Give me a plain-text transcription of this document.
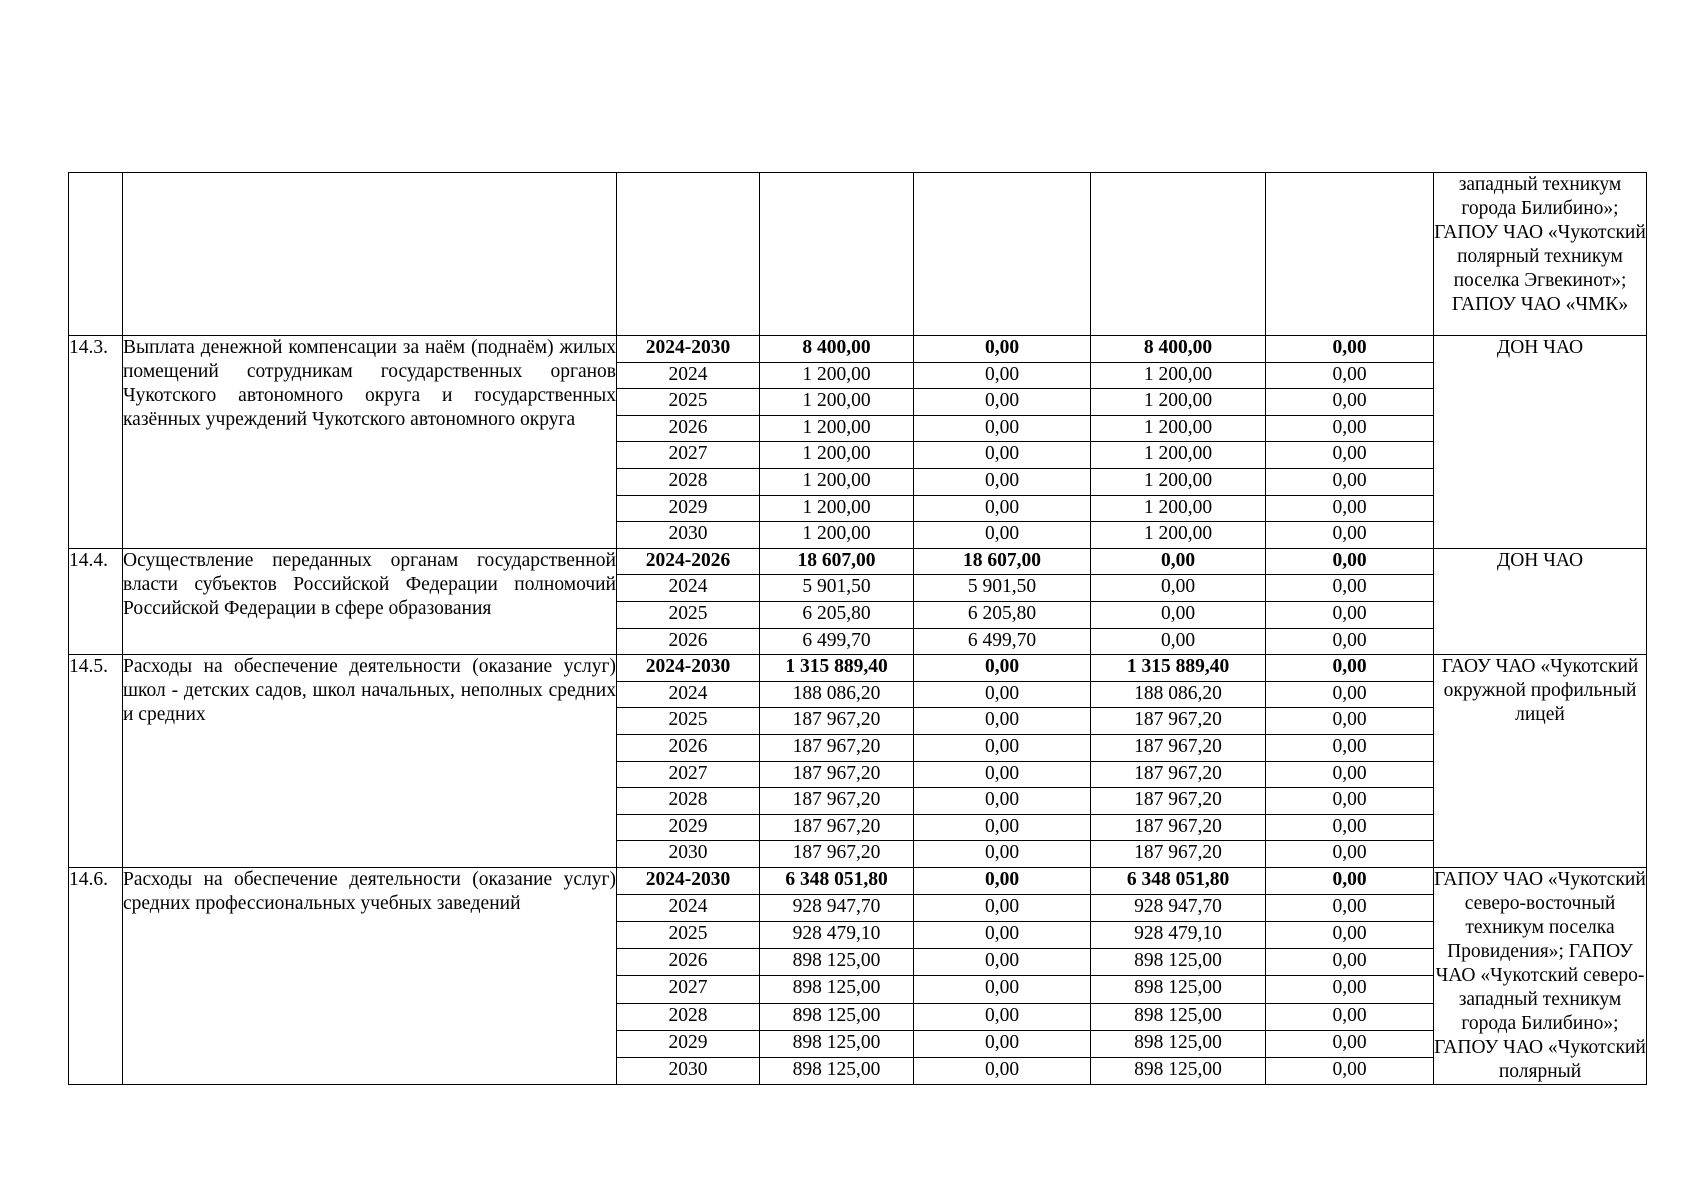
							западный техникум города Билибино»; ГАПОУ ЧАО «Чукотский полярный техникум поселка Эгвекинот»; ГАПОУ ЧАО «ЧМК»
14.3.	Выплата денежной компенсации за наём (поднаём) жилых помещений сотрудникам государственных органов Чукотского автономного округа и государственных казённых учреждений Чукотского автономного округа	2024-2030	8 400,00	0,00	8 400,00	0,00	ДОН ЧАО
		2024	1 200,00	0,00	1 200,00	0,00	
		2025	1 200,00	0,00	1 200,00	0,00	
		2026	1 200,00	0,00	1 200,00	0,00	
		2027	1 200,00	0,00	1 200,00	0,00	
		2028	1 200,00	0,00	1 200,00	0,00	
		2029	1 200,00	0,00	1 200,00	0,00	
		2030	1 200,00	0,00	1 200,00	0,00	
14.4.	Осуществление переданных органам государственной власти субъектов Российской Федерации полномочий Российской Федерации в сфере образования	2024-2026	18 607,00	18 607,00	0,00	0,00	ДОН ЧАО
		2024	5 901,50	5 901,50	0,00	0,00	
		2025	6 205,80	6 205,80	0,00	0,00	
		2026	6 499,70	6 499,70	0,00	0,00	
14.5.	Расходы на обеспечение деятельности (оказание услуг) школ - детских садов, школ начальных, неполных средних и средних	2024-2030	1 315 889,40	0,00	1 315 889,40	0,00	ГАОУ ЧАО «Чукотский окружной профильный лицей
		2024	188 086,20	0,00	188 086,20	0,00	
		2025	187 967,20	0,00	187 967,20	0,00	
		2026	187 967,20	0,00	187 967,20	0,00	
		2027	187 967,20	0,00	187 967,20	0,00	
		2028	187 967,20	0,00	187 967,20	0,00	
		2029	187 967,20	0,00	187 967,20	0,00	
		2030	187 967,20	0,00	187 967,20	0,00	
14.6.	Расходы на обеспечение деятельности (оказание услуг) средних профессиональных учебных заведений	2024-2030	6 348 051,80	0,00	6 348 051,80	0,00	ГАПОУ ЧАО «Чукотский северо-восточный техникум поселка Провидения»; ГАПОУ ЧАО «Чукотский северо-западный техникум города Билибино»; ГАПОУ ЧАО «Чукотский полярный
		2024	928 947,70	0,00	928 947,70	0,00	
		2025	928 479,10	0,00	928 479,10	0,00	
		2026	898 125,00	0,00	898 125,00	0,00	
		2027	898 125,00	0,00	898 125,00	0,00	
		2028	898 125,00	0,00	898 125,00	0,00	
		2029	898 125,00	0,00	898 125,00	0,00	
		2030	898 125,00	0,00	898 125,00	0,00	
